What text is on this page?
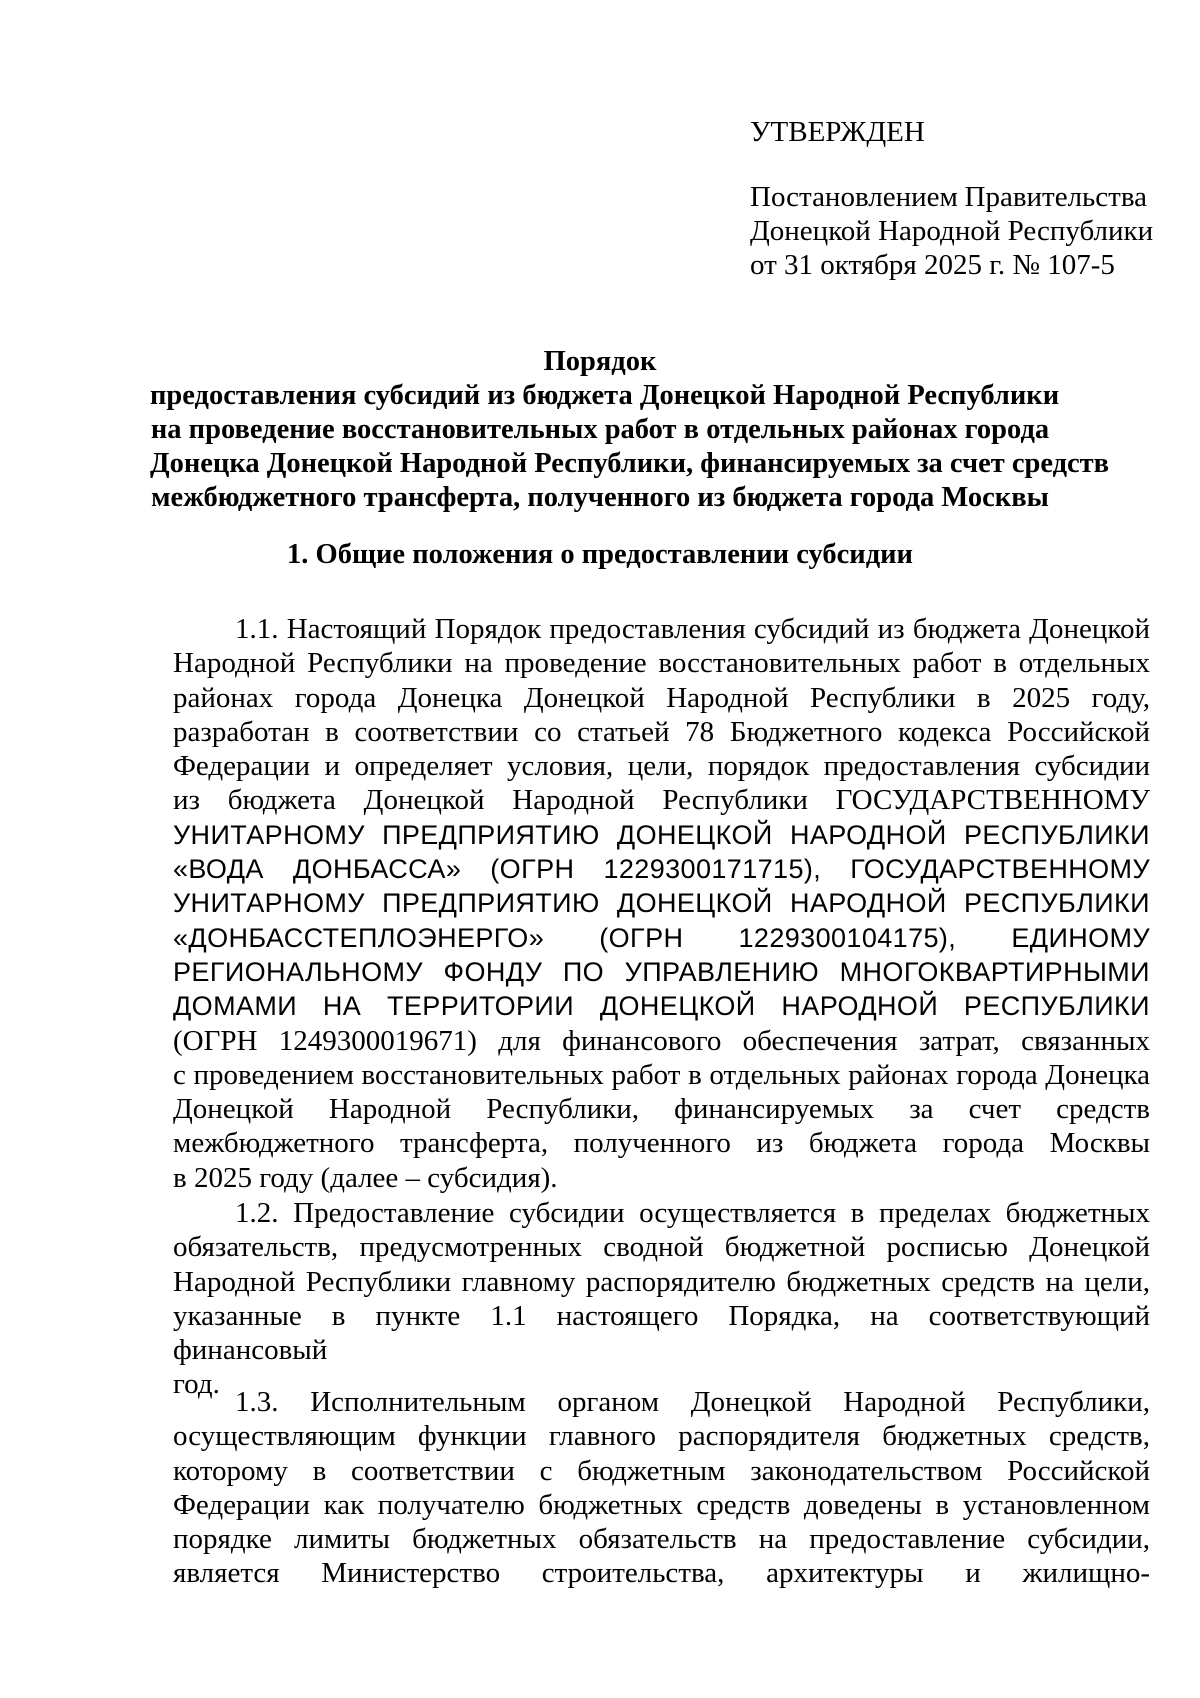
УТВЕРЖДЕН
Постановлением Правительства
Донецкой Народной Республики
от 31 октября 2025 г. № 107-5
Порядок
предоставления субсидий из бюджета Донецкой Народной Республики
на проведение восстановительных работ в отдельных районах города
Донецка Донецкой Народной Республики, финансируемых за счет средств
межбюджетного трансферта, полученного из бюджета города Москвы
1. Общие положения о предоставлении субсидии
1.1. Настоящий Порядок предоставления субсидий из бюджета Донецкой
Народной Республики на проведение восстановительных работ в отдельных
районах города Донецка Донецкой Народной Республики в 2025 году,
разработан в соответствии со статьей 78 Бюджетного кодекса Российской
Федерации и определяет условия, цели, порядок предоставления субсидии
из бюджета Донецкой Народной Республики ГОСУДАРСТВЕННОМУ
УНИТАРНОМУ ПРЕДПРИЯТИЮ ДОНЕЦКОЙ НАРОДНОЙ РЕСПУБЛИКИ
«ВОДА ДОНБАССА» (ОГРН 1229300171715), ГОСУДАРСТВЕННОМУ
УНИТАРНОМУ ПРЕДПРИЯТИЮ ДОНЕЦКОЙ НАРОДНОЙ РЕСПУБЛИКИ
«ДОНБАССТЕПЛОЭНЕРГО» (ОГРН 1229300104175), ЕДИНОМУ
РЕГИОНАЛЬНОМУ ФОНДУ ПО УПРАВЛЕНИЮ МНОГОКВАРТИРНЫМИ
ДОМАМИ НА ТЕРРИТОРИИ ДОНЕЦКОЙ НАРОДНОЙ РЕСПУБЛИКИ
(ОГРН 1249300019671) для финансового обеспечения затрат, связанных
с проведением восстановительных работ в отдельных районах города Донецка
Донецкой Народной Республики, финансируемых за счет средств
межбюджетного трансферта, полученного из бюджета города Москвы
в 2025 году (далее – субсидия).
1.2. Предоставление субсидии осуществляется в пределах бюджетных
обязательств, предусмотренных сводной бюджетной росписью Донецкой
Народной Республики главному распорядителю бюджетных средств на цели,
указанные в пункте 1.1 настоящего Порядка, на соответствующий финансовый
год.
1.3. Исполнительным органом Донецкой Народной Республики,
осуществляющим функции главного распорядителя бюджетных средств,
которому в соответствии с бюджетным законодательством Российской
Федерации как получателю бюджетных средств доведены в установленном
порядке лимиты бюджетных обязательств на предоставление субсидии,
является Министерство строительства, архитектуры и жилищно-
